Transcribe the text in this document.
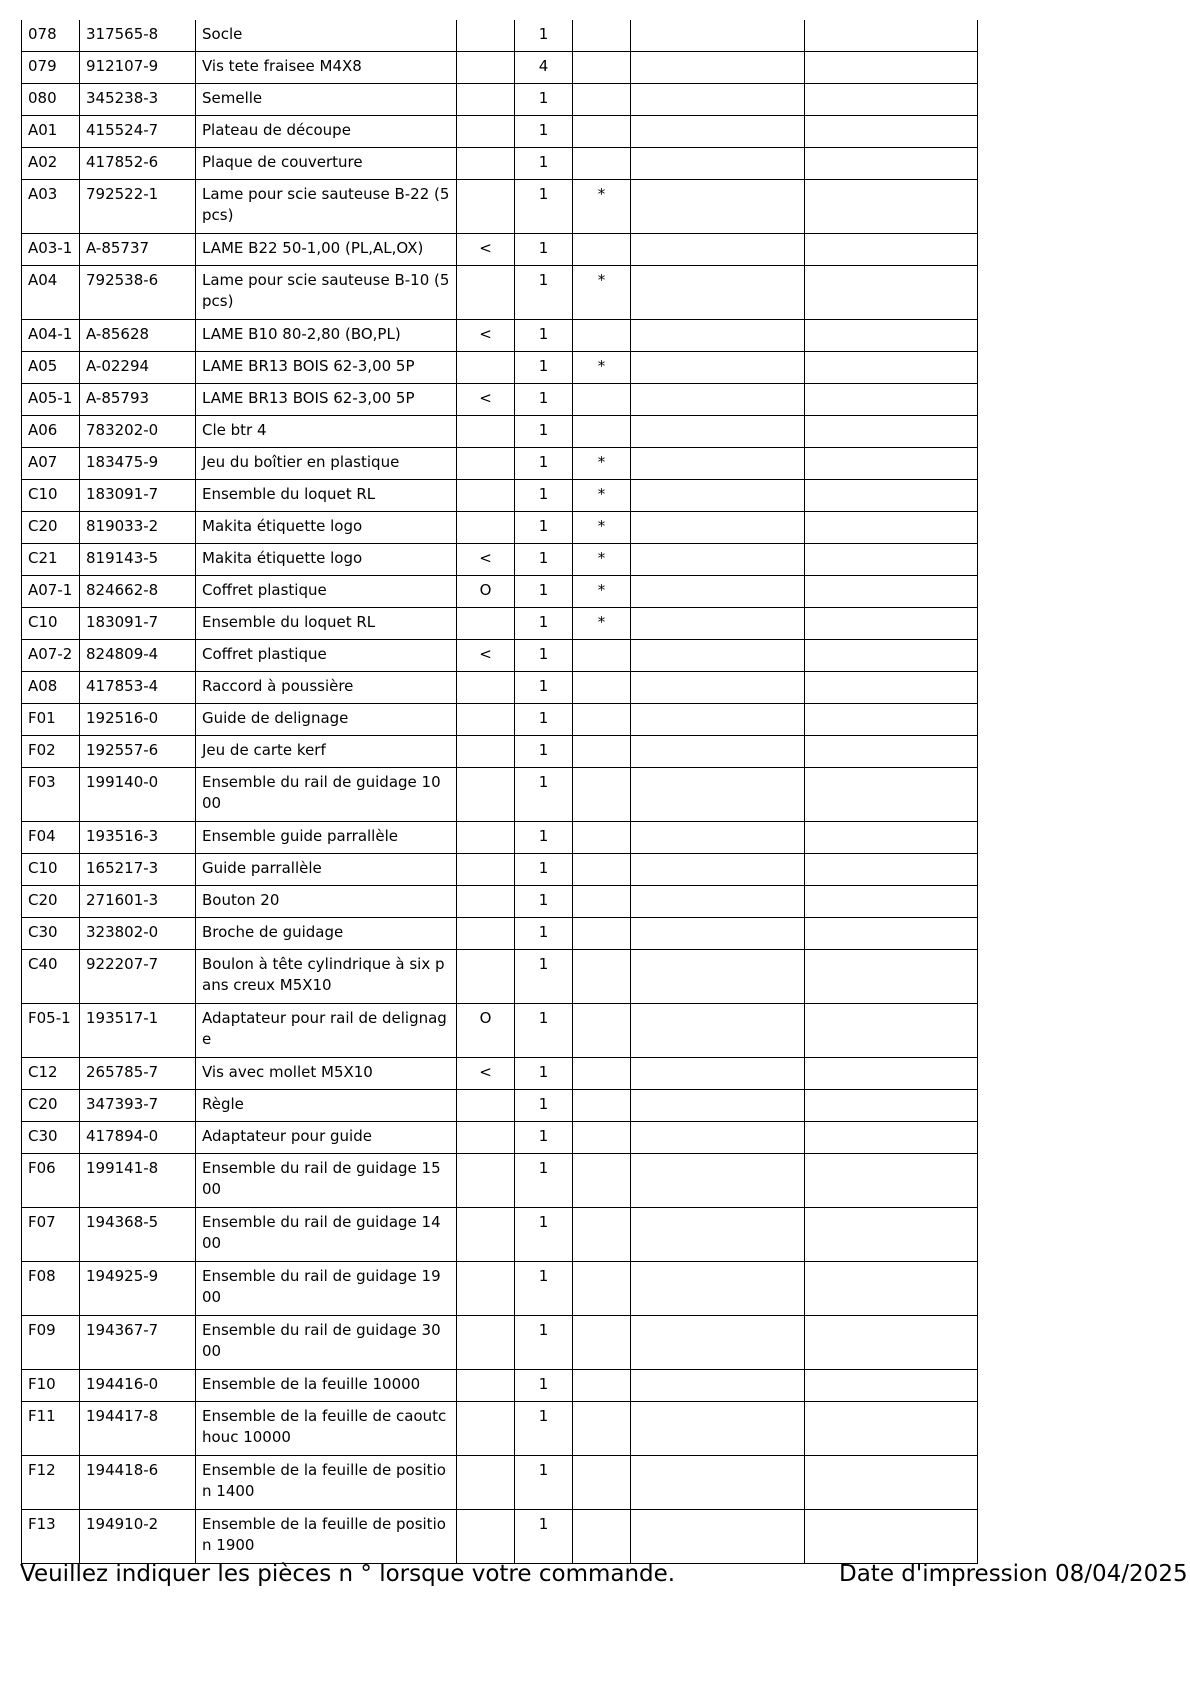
078	317565-8	Socle		1			
079	912107-9	Vis tete fraisee M4X8		4			
080	345238-3	Semelle		1			
A01	415524-7	Plateau de découpe		1			
A02	417852-6	Plaque de couverture		1			
A03	792522-1	Lame pour scie sauteuse B-22 (5 pcs)		1	*		
A03-1	A-85737	LAME B22 50-1,00 (PL,AL,OX)	<	1			
A04	792538-6	Lame pour scie sauteuse B-10 (5 pcs)		1	*		
A04-1	A-85628	LAME B10 80-2,80 (BO,PL)	<	1			
A05	A-02294	LAME BR13 BOIS 62-3,00 5P		1	*		
A05-1	A-85793	LAME BR13 BOIS 62-3,00 5P	<	1			
A06	783202-0	Cle btr 4		1			
A07	183475-9	Jeu du boîtier en plastique		1	*		
C10	183091-7	Ensemble du loquet RL		1	*		
C20	819033-2	Makita étiquette logo		1	*		
C21	819143-5	Makita étiquette logo	<	1	*		
A07-1	824662-8	Coffret plastique	O	1	*		
C10	183091-7	Ensemble du loquet RL		1	*		
A07-2	824809-4	Coffret plastique	<	1			
A08	417853-4	Raccord à poussière		1			
F01	192516-0	Guide de delignage		1			
F02	192557-6	Jeu de carte kerf		1			
F03	199140-0	Ensemble du rail de guidage 1000		1			
F04	193516-3	Ensemble guide parrallèle		1			
C10	165217-3	Guide parrallèle		1			
C20	271601-3	Bouton 20		1			
C30	323802-0	Broche de guidage		1			
C40	922207-7	Boulon à tête cylindrique à six pans creux M5X10		1			
F05-1	193517-1	Adaptateur pour rail de delignage	O	1			
C12	265785-7	Vis avec mollet M5X10	<	1			
C20	347393-7	Règle		1			
C30	417894-0	Adaptateur pour guide		1			
F06	199141-8	Ensemble du rail de guidage 1500		1			
F07	194368-5	Ensemble du rail de guidage 1400		1			
F08	194925-9	Ensemble du rail de guidage 1900		1			
F09	194367-7	Ensemble du rail de guidage 3000		1			
F10	194416-0	Ensemble de la feuille 10000		1			
F11	194417-8	Ensemble de la feuille de caoutchouc 10000		1			
F12	194418-6	Ensemble de la feuille de position 1400		1			
F13	194910-2	Ensemble de la feuille de position 1900		1			
Veuillez indiquer les pièces n ° lorsque votre commande.	Date d'impression 08/04/2025
